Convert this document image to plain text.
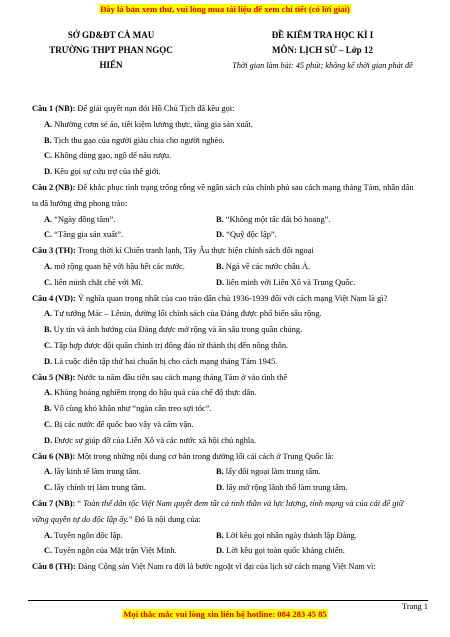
Đây là bản xem thử, vui lòng mua tài liệu để xem chi tiết (có lời giải)
SỞ GD&ĐT CÀ MAU
TRƯỜNG THPT PHAN NGỌC
HIỂN
ĐỀ KIỂM TRA HỌC KÌ I
MÔN: LỊCH SỬ – Lớp 12
Thời gian làm bài: 45 phút; không kể thời gian phát đề
Câu 1 (NB): Để giải quyết nạn đói Hồ Chủ Tịch đã kêu gọi:
A. Nhường cơm sẻ áo, tiết kiệm lương thực, tăng gia sản xuất.
B. Tịch thu gạo của người giàu chia cho người nghèo.
C. Không dùng gạo, ngô để nấu rượu.
D. Kêu gọi sự cứu trợ của thế giới.
Câu 2 (NB): Để khắc phục tình trạng trống rỗng về ngân sách của chính phủ sau cách mạng tháng Tám, nhân dân ta đã hưởng ứng phong trào:
A. “Ngày đồng tâm”.	B. “Không một tấc đất bỏ hoang”.
C. “Tăng gia sản xuất”.	D. “Quỹ độc lập”.
Câu 3 (TH): Trong thời kì Chiến tranh lạnh, Tây Âu thực hiện chính sách đối ngoại
A. mở rộng quan hệ với hầu hết các nước.	B. Ngả về các nước châu Á.
C. liên minh chặt chẽ với Mĩ.	D. liên minh với Liên Xô và Trung Quốc.
Câu 4 (VD): Ý nghĩa quan trọng nhất của cao trào dân chủ 1936-1939 đối với cách mạng Việt Nam là gì?
A. Tư tưởng Mác – Lênin, đường lối chính sách của Đảng được phổ biến sâu rộng.
B. Uy tín và ảnh hưởng của Đảng được mở rộng và ăn sâu trong quần chúng.
C. Tập hợp được đội quân chính trị đông đảo từ thành thị đến nông thôn.
D. Là cuộc diễn tập thứ hai chuẩn bị cho cách mạng tháng Tám 1945.
Câu 5 (NB): Nước ta năm đầu tiên sau cách mạng tháng Tám ở vào tình thế
A. Khủng hoảng nghiêm trọng do hậu quả của chế độ thực dân.
B. Vô cùng khó khăn như “ngàn cân treo sợi tóc”.
C. Bị các nước đế quốc bao vây và cấm vận.
D. Được sự giúp đỡ của Liên Xô và các nước xã hội chủ nghĩa.
Câu 6 (NB): Một trong những nội dung cơ bản trong đường lối cải cách ở Trung Quốc là:
A. lấy kinh tế làm trung tâm.	B. lấy đổi ngoại làm trung tâm.
C. lấy chính trị làm trung tâm.	D. lấy mở rộng lãnh thổ làm trung tâm.
Câu 7 (NB): “ Toàn thể dân tộc Việt Nam quyết đem tất cả tinh thần và lực lượng, tính mạng và của cải để giữ vững quyền tự do độc lập ấy.” Đó là nội dung của:
A. Tuyên ngôn độc lập.	B. Lời kêu gọi nhân ngày thành lập Đảng.
C. Tuyên ngôn của Mặt trận Việt Minh.	D. Lời kêu gọi toàn quốc kháng chiến.
Câu 8 (TH): Đảng Cộng sản Việt Nam ra đời là bước ngoặt vĩ đại của lịch sử cách mạng Việt Nam vì:
Trang 1
Mọi thắc mắc vui lòng xin liên hệ hotline: 084 283 45 85
